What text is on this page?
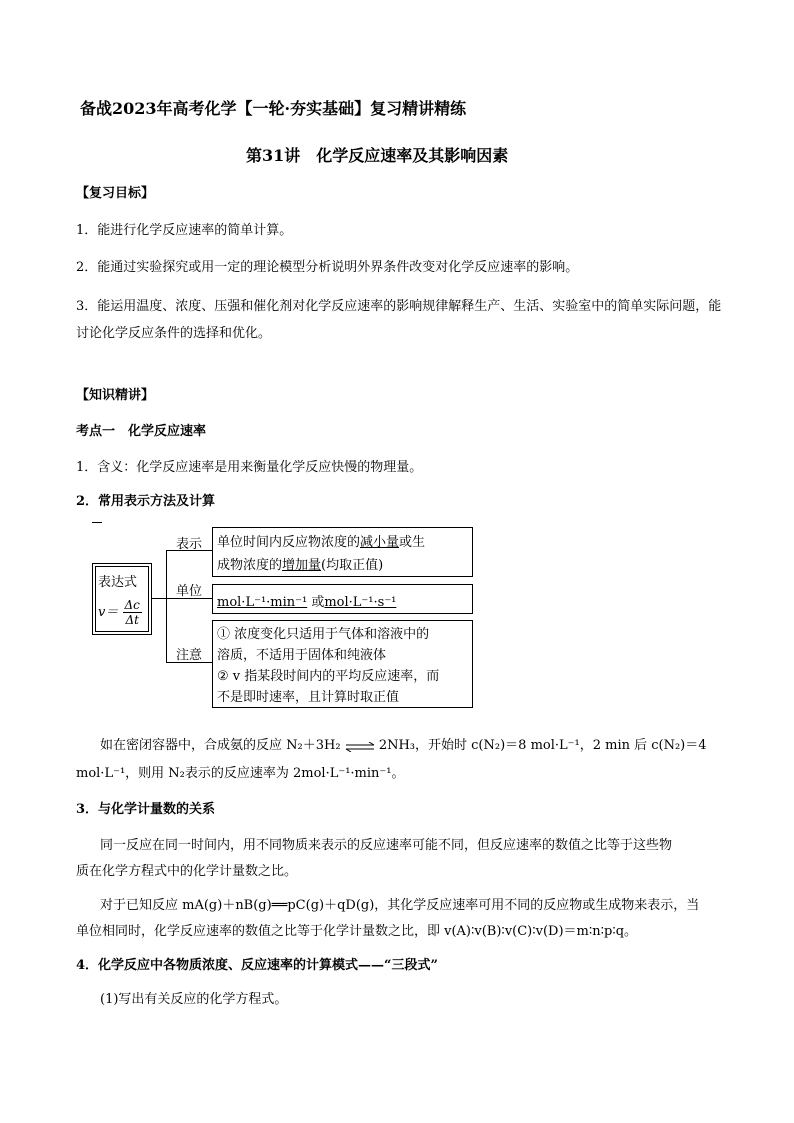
备战2023年高考化学【一轮·夯实基础】复习精讲精练
第31讲　化学反应速率及其影响因素
【复习目标】
1．能进行化学反应速率的简单计算。
2．能通过实验探究或用一定的理论模型分析说明外界条件改变对化学反应速率的影响。
3．能运用温度、浓度、压强和催化剂对化学反应速率的影响规律解释生产、生活、实验室中的简单实际问题，能讨论化学反应条件的选择和优化。
【知识精讲】
考点一　化学反应速率
1．含义：化学反应速率是用来衡量化学反应快慢的物理量。
2．常用表示方法及计算
表达式
$v= \frac{\Delta c}{\Delta t}$
表示
单位
注意
单位时间内反应物浓度的减小量或生
成物浓度的增加量(均取正值)
mol·L⁻¹·min⁻¹ 或mol·L⁻¹·s⁻¹
① 浓度变化只适用于气体和溶液中的
溶质，不适用于固体和纯液体
② v 指某段时间内的平均反应速率，而
不是即时速率，且计算时取正值
如在密闭容器中，合成氨的反应 N₂＋3H₂ ⇌ 2NH₃，开始时 c(N₂)＝8 mol·L⁻¹，2 min 后 c(N₂)＝4
mol·L⁻¹，则用 N₂表示的反应速率为 2mol·L⁻¹·min⁻¹。
3．与化学计量数的关系
同一反应在同一时间内，用不同物质来表示的反应速率可能不同，但反应速率的数值之比等于这些物
质在化学方程式中的化学计量数之比。
对于已知反应 mA(g)＋nB(g)══pC(g)＋qD(g)，其化学反应速率可用不同的反应物或生成物来表示，当
单位相同时，化学反应速率的数值之比等于化学计量数之比，即 v(A)∶v(B)∶v(C)∶v(D)＝m∶n∶p∶q。
4．化学反应中各物质浓度、反应速率的计算模式——“三段式”
(1)写出有关反应的化学方程式。
